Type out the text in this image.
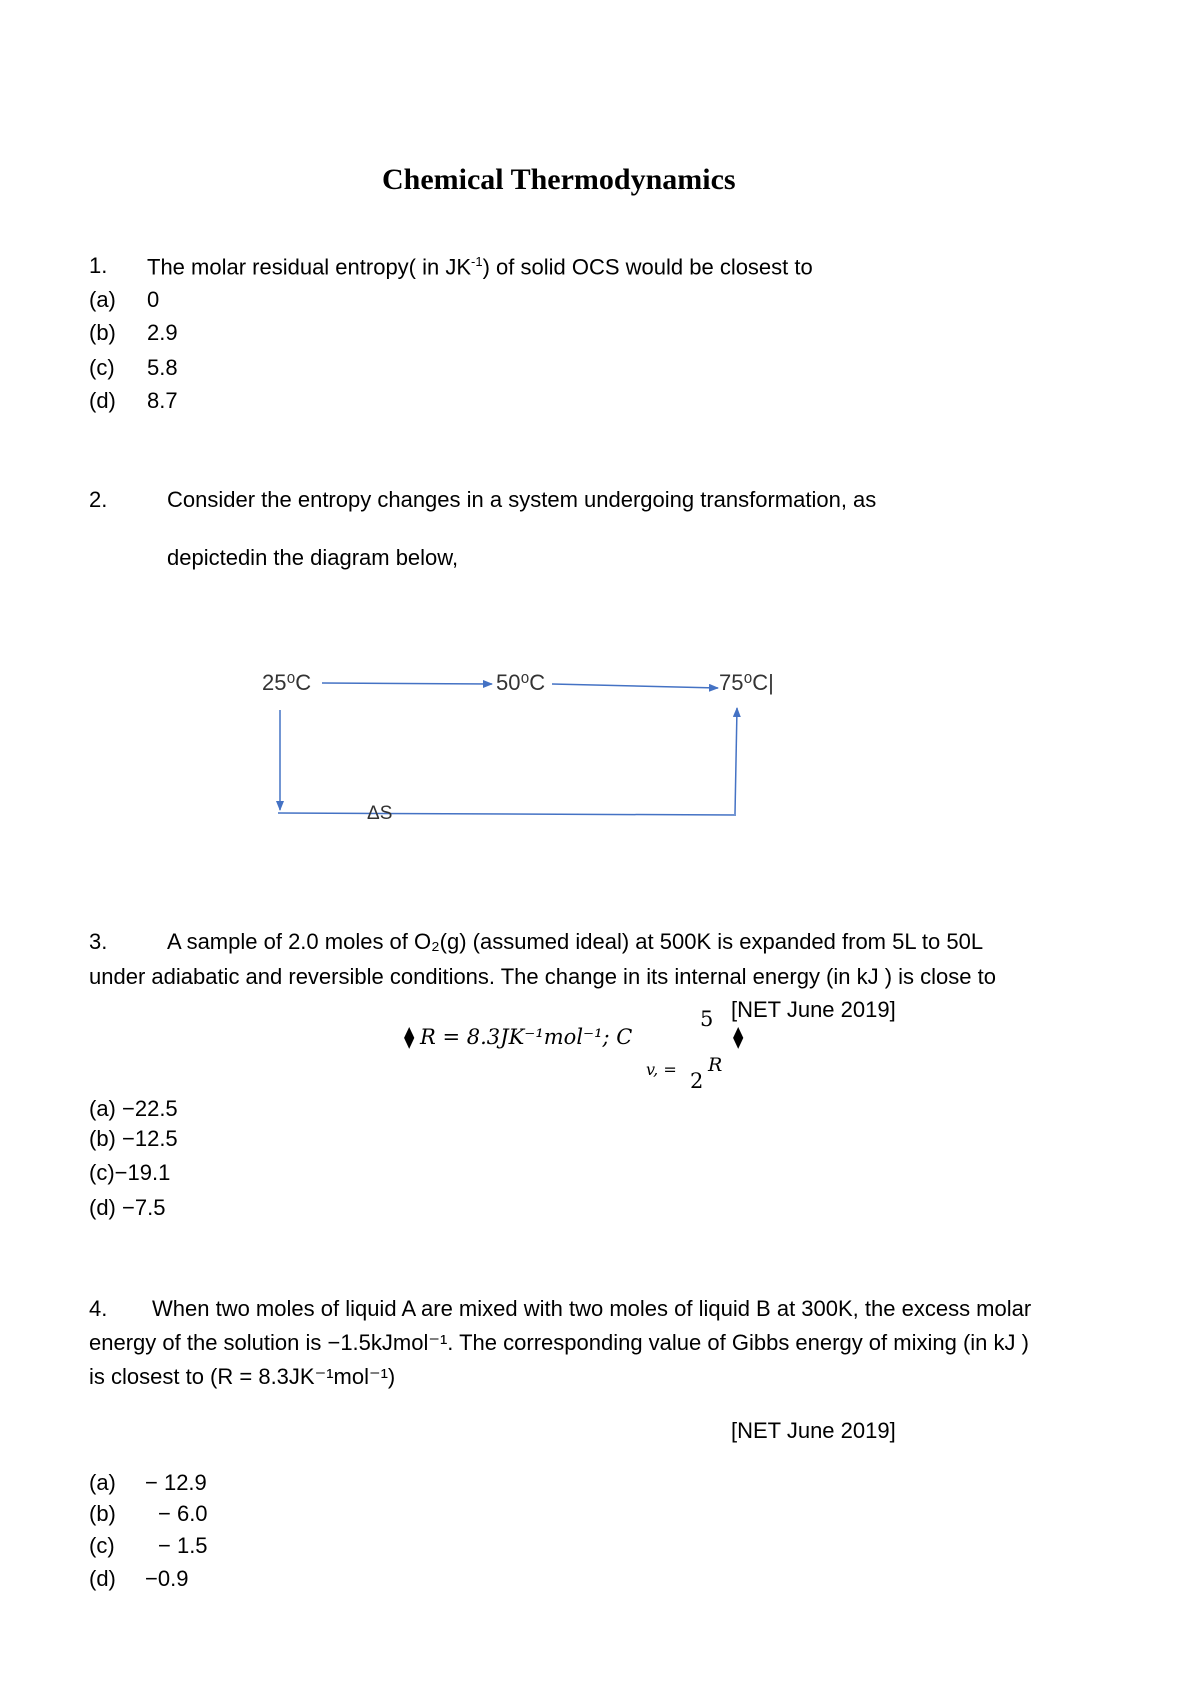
Chemical Thermodynamics
1. The molar residual entropy( in $JK^{-1}$) of solid OCS would be closest to
(a) 0
(b) 2.9
(c) 5.8
(d) 8.7
2.	Consider the entropy changes in a system undergoing transformation, as
depictedin the diagram below,
25⁰C	50⁰C	75⁰C|
ΔS
3.	A sample of 2.0 moles of O₂(g) (assumed ideal) at 500K is expanded from 5L to 50L
under adiabatic and reversible conditions. The change in its internal energy (in kJ ) is close to
[NET June 2019]
⧫ R = 8.3JK⁻¹mol⁻¹; C
5
⧫
v, = 2
R
(a) −22.5
(b) −12.5
(c)−19.1
(d) −7.5
4. When two moles of liquid A are mixed with two moles of liquid B at 300K, the excess molar
energy of the solution is −1.5kJmol⁻¹. The corresponding value of Gibbs energy of mixing (in kJ )
is closest to (R = 8.3JK⁻¹mol⁻¹)
[NET June 2019]
(a) − 12.9
(b) − 6.0
(c) − 1.5
(d) −0.9
